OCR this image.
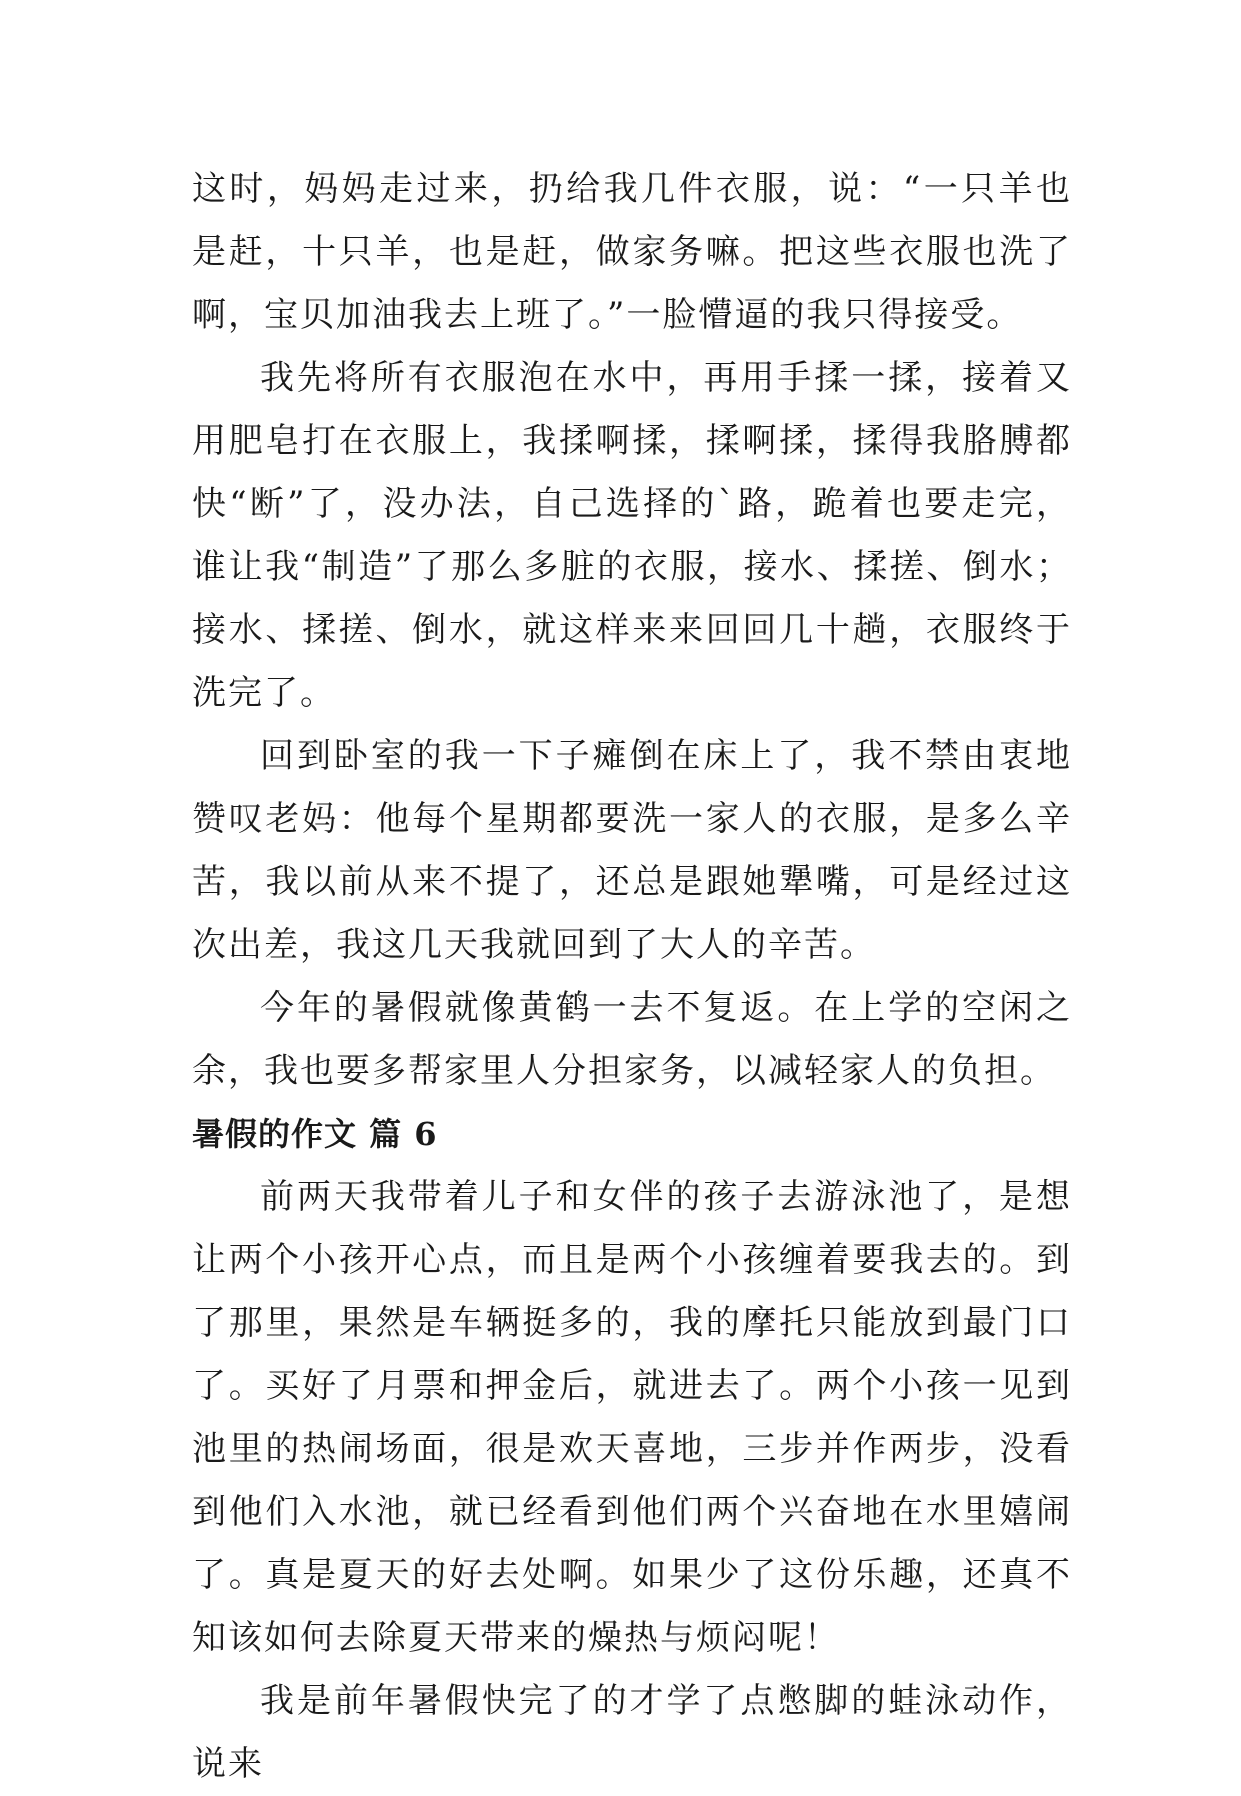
这时，妈妈走过来，扔给我几件衣服，说：“一只羊也是赶，十只羊，也是赶，做家务嘛。把这些衣服也洗了啊，宝贝加油我去上班了。”一脸懵逼的我只得接受。

我先将所有衣服泡在水中，再用手揉一揉，接着又用肥皂打在衣服上，我揉啊揉，揉啊揉，揉得我胳膊都快“断”了，没办法，自己选择的`路，跪着也要走完，谁让我“制造”了那么多脏的衣服，接水、揉搓、倒水；接水、揉搓、倒水，就这样来来回回几十趟，衣服终于洗完了。

回到卧室的我一下子瘫倒在床上了，我不禁由衷地赞叹老妈：他每个星期都要洗一家人的衣服，是多么辛苦，我以前从来不提了，还总是跟她犟嘴，可是经过这次出差，我这几天我就回到了大人的辛苦。

今年的暑假就像黄鹤一去不复返。在上学的空闲之余，我也要多帮家里人分担家务，以减轻家人的负担。

暑假的作文 篇 6

前两天我带着儿子和女伴的孩子去游泳池了，是想让两个小孩开心点，而且是两个小孩缠着要我去的。到了那里，果然是车辆挺多的，我的摩托只能放到最门口了。买好了月票和押金后，就进去了。两个小孩一见到池里的热闹场面，很是欢天喜地，三步并作两步，没看到他们入水池，就已经看到他们两个兴奋地在水里嬉闹了。真是夏天的好去处啊。如果少了这份乐趣，还真不知该如何去除夏天带来的燥热与烦闷呢！

我是前年暑假快完了的才学了点憋脚的蛙泳动作，说来
